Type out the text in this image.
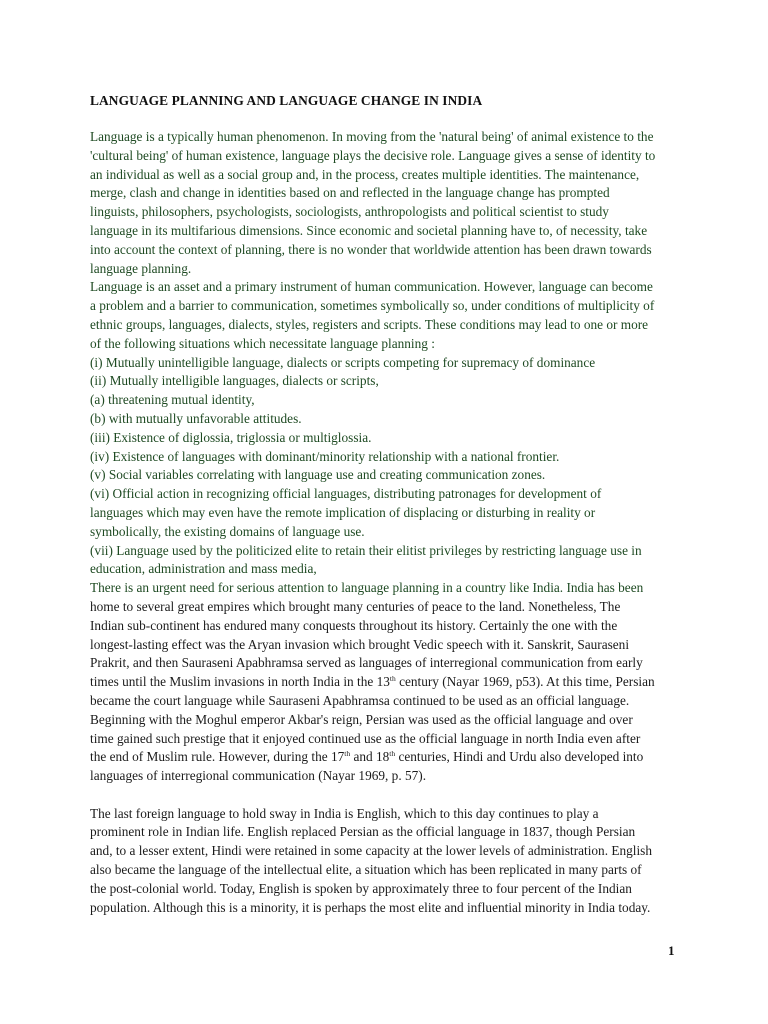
LANGUAGE PLANNING AND LANGUAGE CHANGE IN INDIA
Language is a typically human phenomenon. In moving from the 'natural being' of animal existence to the
'cultural being' of human existence, language plays the decisive role. Language gives a sense of identity to
an individual as well as a social group and, in the process, creates multiple identities. The maintenance,
merge, clash and change in identities based on and reflected in the language change has prompted
linguists, philosophers, psychologists, sociologists, anthropologists and political scientist to study
language in its multifarious dimensions. Since economic and societal planning have to, of necessity, take
into account the context of planning, there is no wonder that worldwide attention has been drawn towards
language planning.
Language is an asset and a primary instrument of human communication. However, language can become
a problem and a barrier to communication, sometimes symbolically so, under conditions of multiplicity of
ethnic groups, languages, dialects, styles, registers and scripts. These conditions may lead to one or more
of the following situations which necessitate language planning :
(i) Mutually unintelligible language, dialects or scripts competing for supremacy of dominance
(ii) Mutually intelligible languages, dialects or scripts,
(a) threatening mutual identity,
(b) with mutually unfavorable attitudes.
(iii) Existence of diglossia, triglossia or multiglossia.
(iv) Existence of languages with dominant/minority relationship with a national frontier.
(v) Social variables correlating with language use and creating communication zones.
(vi) Official action in recognizing official languages, distributing patronages for development of
languages which may even have the remote implication of displacing or disturbing in reality or
symbolically, the existing domains of language use.
(vii) Language used by the politicized elite to retain their elitist privileges by restricting language use in
education, administration and mass media,
There is an urgent need for serious attention to language planning in a country like India. India has been
home to several great empires which brought many centuries of peace to the land. Nonetheless, The
Indian sub-continent has endured many conquests throughout its history. Certainly the one with the
longest-lasting effect was the Aryan invasion which brought Vedic speech with it. Sanskrit, Sauraseni
Prakrit, and then Sauraseni Apabhramsa served as languages of interregional communication from early
times until the Muslim invasions in north India in the 13th century (Nayar 1969, p53). At this time, Persian
became the court language while Sauraseni Apabhramsa continued to be used as an official language.
Beginning with the Moghul emperor Akbar's reign, Persian was used as the official language and over
time gained such prestige that it enjoyed continued use as the official language in north India even after
the end of Muslim rule. However, during the 17th and 18th centuries, Hindi and Urdu also developed into
languages of interregional communication (Nayar 1969, p. 57).
The last foreign language to hold sway in India is English, which to this day continues to play a
prominent role in Indian life. English replaced Persian as the official language in 1837, though Persian
and, to a lesser extent, Hindi were retained in some capacity at the lower levels of administration. English
also became the language of the intellectual elite, a situation which has been replicated in many parts of
the post-colonial world. Today, English is spoken by approximately three to four percent of the Indian
population. Although this is a minority, it is perhaps the most elite and influential minority in India today.
1
